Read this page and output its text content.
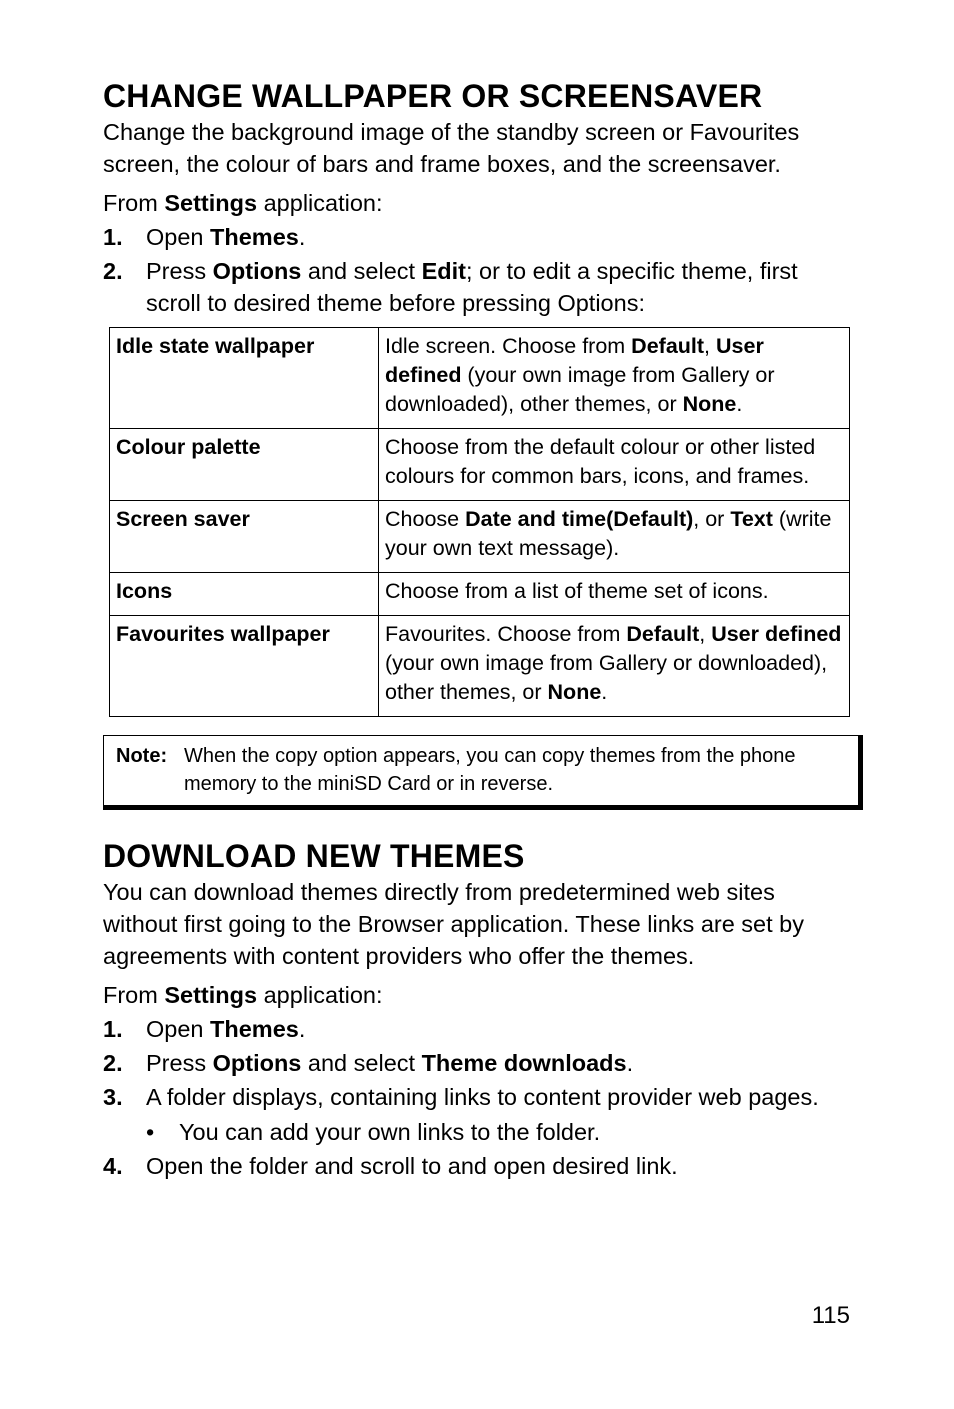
CHANGE WALLPAPER OR SCREENSAVER

Change the background image of the standby screen or Favourites screen, the colour of bars and frame boxes, and the screensaver.

From Settings application:

1. Open Themes.
2. Press Options and select Edit; or to edit a specific theme, first scroll to desired theme before pressing Options:
Idle state wallpaper	Idle screen. Choose from Default, User defined (your own image from Gallery or downloaded), other themes, or None.
Colour palette	Choose from the default colour or other listed colours for common bars, icons, and frames.
Screen saver	Choose Date and time(Default), or Text (write your own text message).
Icons	Choose from a list of theme set of icons.
Favourites wallpaper	Favourites. Choose from Default, User defined (your own image from Gallery or downloaded), other themes, or None.
Note: When the copy option appears, you can copy themes from the phone memory to the miniSD Card or in reverse.
DOWNLOAD NEW THEMES

You can download themes directly from predetermined web sites without first going to the Browser application. These links are set by agreements with content providers who offer the themes.

From Settings application:

1. Open Themes.
2. Press Options and select Theme downloads.
3. A folder displays, containing links to content provider web pages.
• You can add your own links to the folder.
4. Open the folder and scroll to and open desired link.
115
